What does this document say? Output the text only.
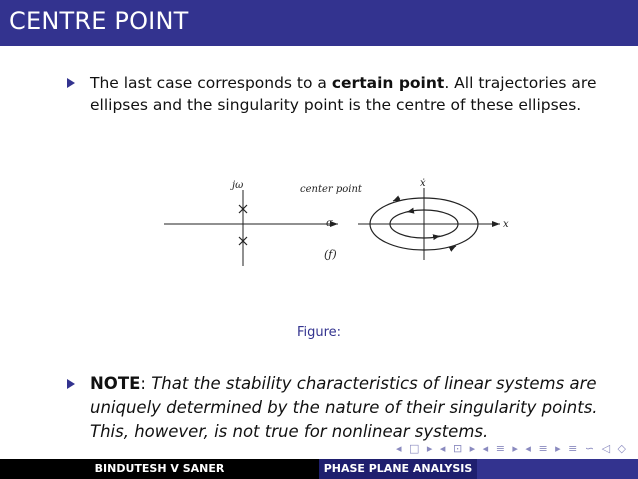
CENTRE POINT
The last case corresponds to a certain point. All trajectories are ellipses and the singularity point is the centre of these ellipses.
jω
σ
center point
(ƒ)
ẋ
x
Figure:
NOTE: That the stability characteristics of linear systems are uniquely determined by the nature of their singularity points. This, however, is not true for nonlinear systems.
◂ □ ▸ ◂ ⊡ ▸ ◂ ≡ ▸ ◂ ≡ ▸ ≡ ∽ ◁ ◇
BINDUTESH V SANER	PHASE PLANE ANALYSIS
